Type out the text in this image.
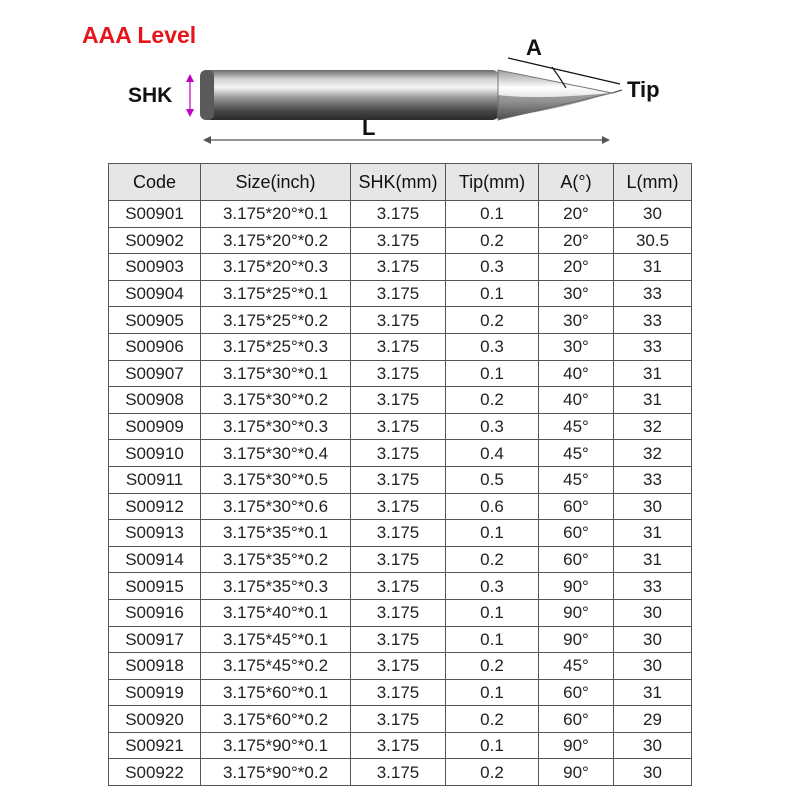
AAA Level	A
Tip
SHK
L
Code	Size(inch)	SHK(mm)	Tip(mm)	A(°)	L(mm)
S00901	3.175*20°*0.1	3.175	0.1	20°	30
S00902	3.175*20°*0.2	3.175	0.2	20°	30.5
S00903	3.175*20°*0.3	3.175	0.3	20°	31
S00904	3.175*25°*0.1	3.175	0.1	30°	33
S00905	3.175*25°*0.2	3.175	0.2	30°	33
S00906	3.175*25°*0.3	3.175	0.3	30°	33
S00907	3.175*30°*0.1	3.175	0.1	40°	31
S00908	3.175*30°*0.2	3.175	0.2	40°	31
S00909	3.175*30°*0.3	3.175	0.3	45°	32
S00910	3.175*30°*0.4	3.175	0.4	45°	32
S00911	3.175*30°*0.5	3.175	0.5	45°	33
S00912	3.175*30°*0.6	3.175	0.6	60°	30
S00913	3.175*35°*0.1	3.175	0.1	60°	31
S00914	3.175*35°*0.2	3.175	0.2	60°	31
S00915	3.175*35°*0.3	3.175	0.3	90°	33
S00916	3.175*40°*0.1	3.175	0.1	90°	30
S00917	3.175*45°*0.1	3.175	0.1	90°	30
S00918	3.175*45°*0.2	3.175	0.2	45°	30
S00919	3.175*60°*0.1	3.175	0.1	60°	31
S00920	3.175*60°*0.2	3.175	0.2	60°	29
S00921	3.175*90°*0.1	3.175	0.1	90°	30
S00922	3.175*90°*0.2	3.175	0.2	90°	30
